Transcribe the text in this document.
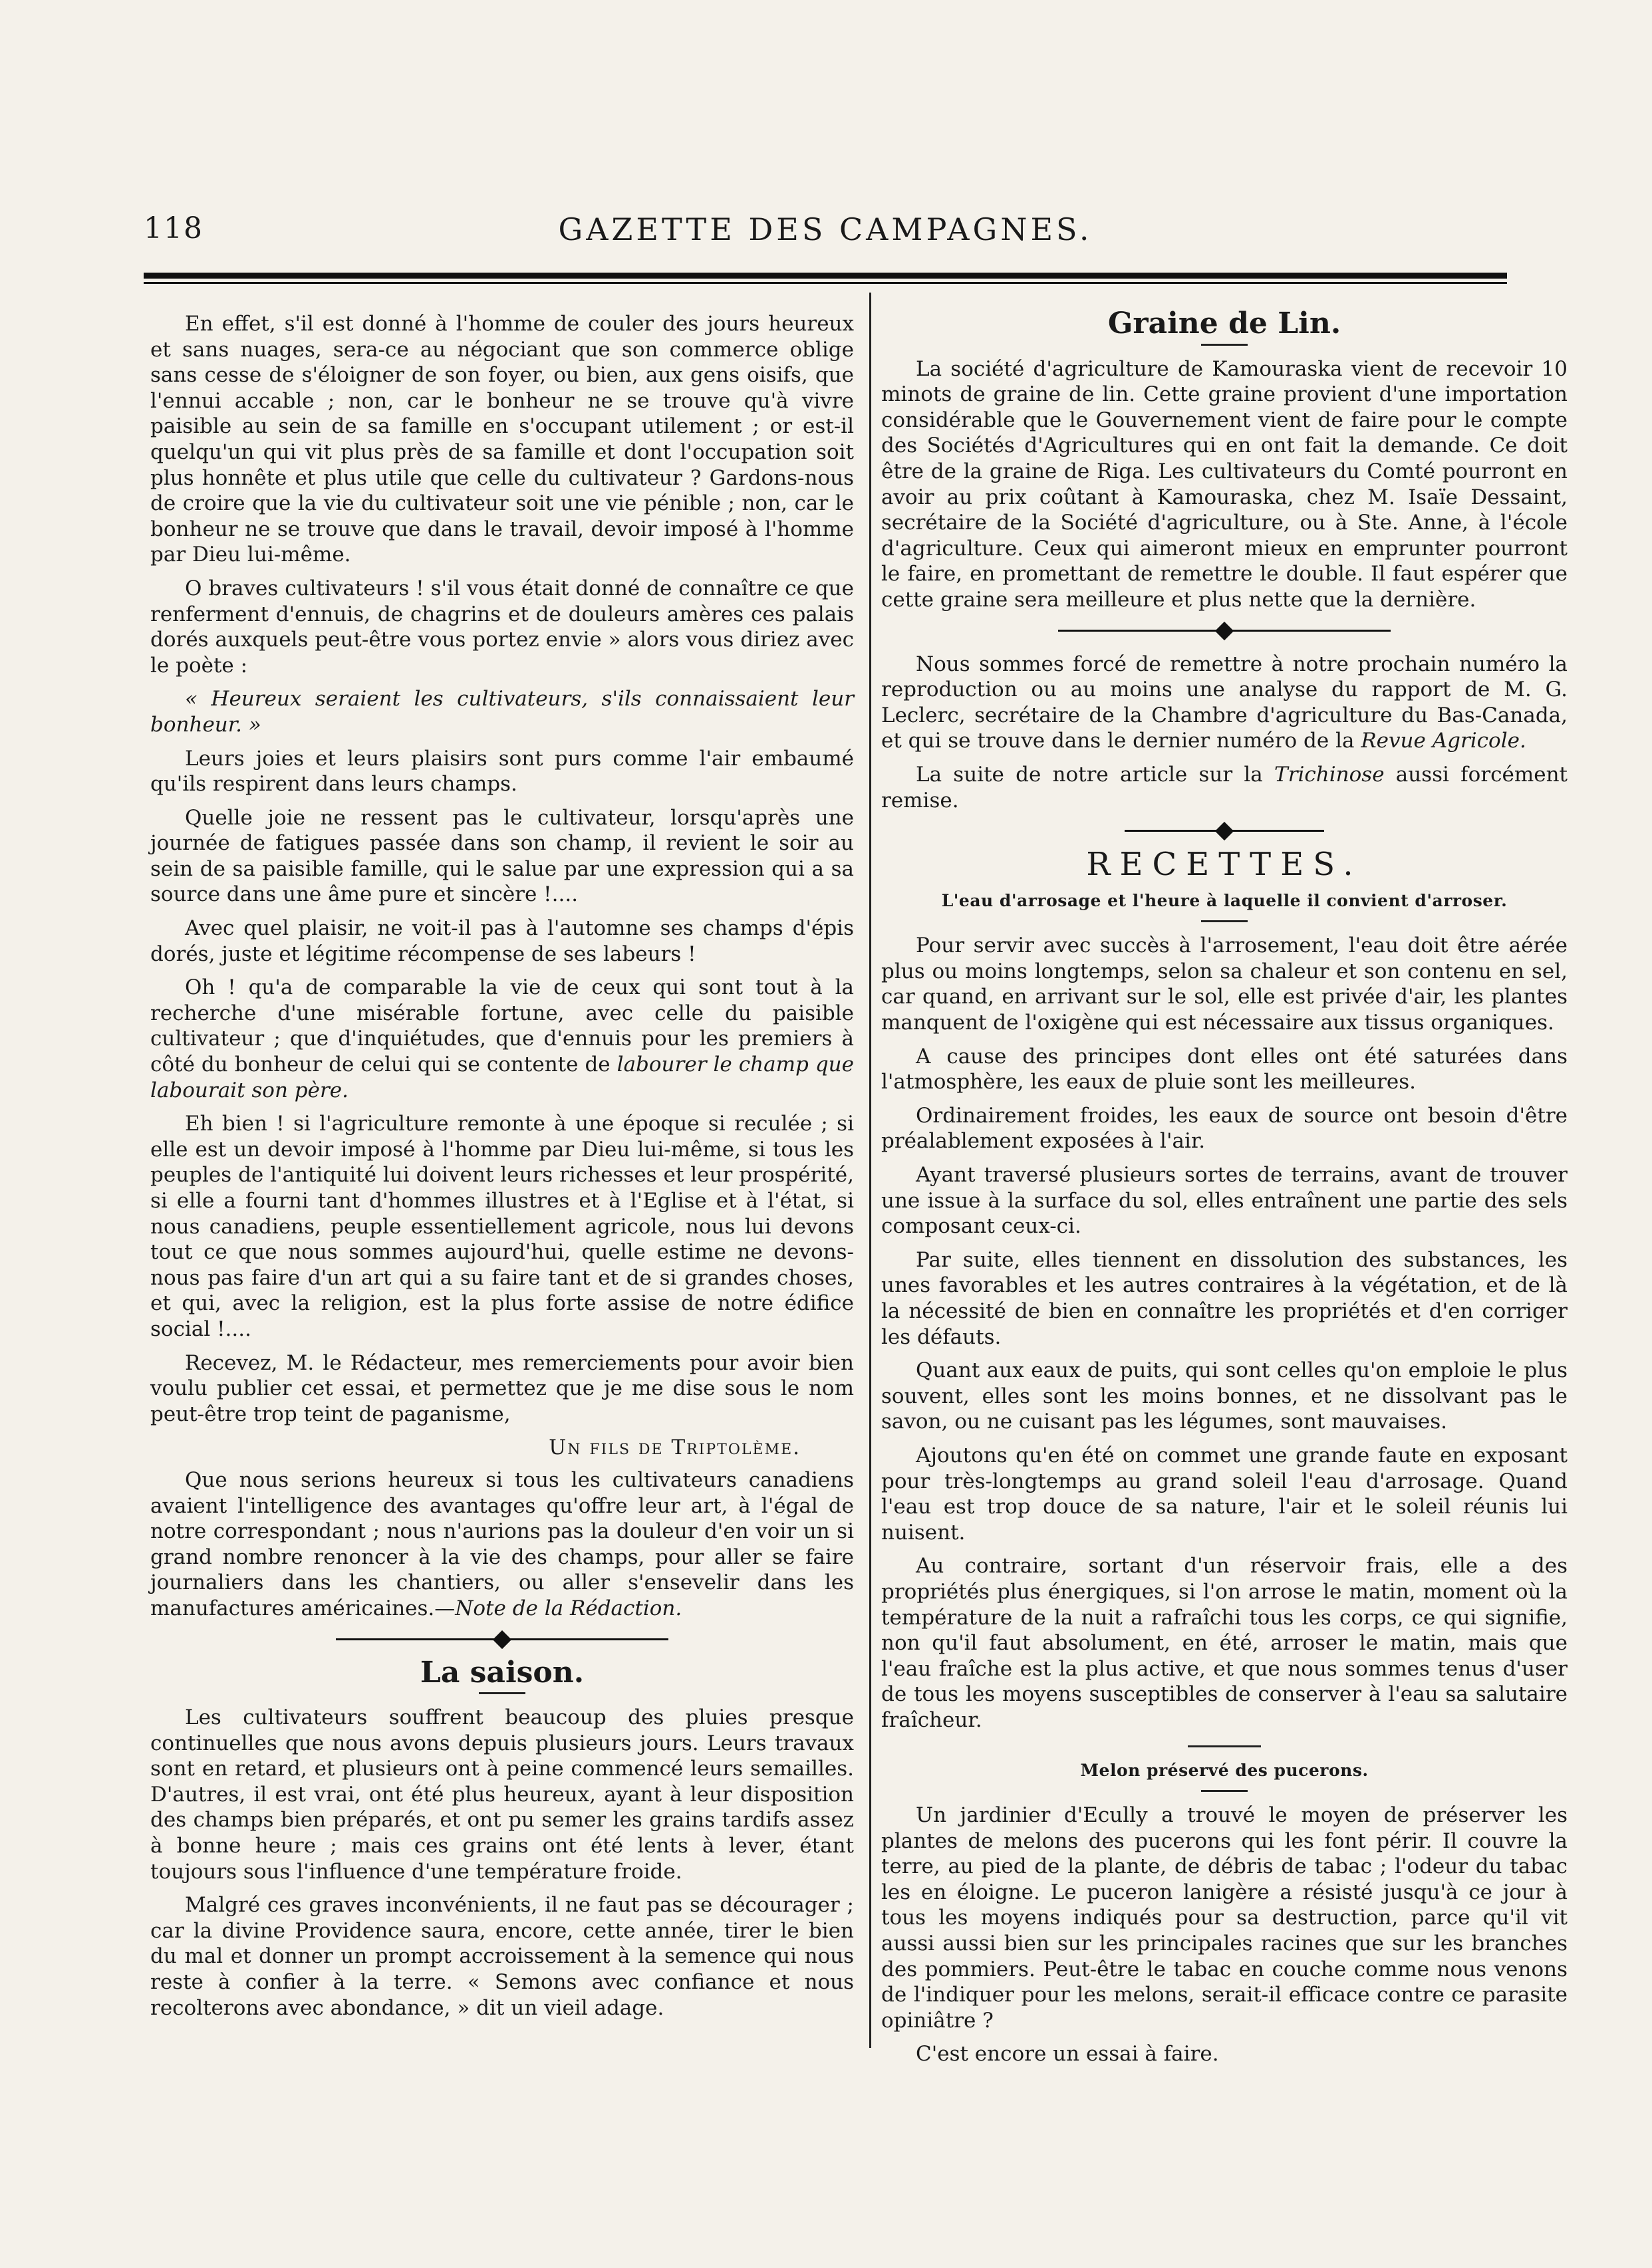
118	GAZETTE DES CAMPAGNES.

En effet, s'il est donné à l'homme de couler des jours heureux et sans nuages, sera-ce au négociant que son commerce oblige sans cesse de s'éloigner de son foyer, ou bien, aux gens oisifs, que l'ennui accable ; non, car le bonheur ne se trouve qu'à vivre paisible au sein de sa famille en s'occupant utilement ; or est-il quelqu'un qui vit plus près de sa famille et dont l'occupation soit plus honnête et plus utile que celle du cultivateur ? Gardons-nous de croire que la vie du cultivateur soit une vie pénible ; non, car le bonheur ne se trouve que dans le travail, devoir imposé à l'homme par Dieu lui-même.

O braves cultivateurs ! s'il vous était donné de connaître ce que renferment d'ennuis, de chagrins et de douleurs amères ces palais dorés auxquels peut-être vous portez envie » alors vous diriez avec le poète :

« Heureux seraient les cultivateurs, s'ils connaissaient leur bonheur. »

Leurs joies et leurs plaisirs sont purs comme l'air embaumé qu'ils respirent dans leurs champs.

Quelle joie ne ressent pas le cultivateur, lorsqu'après une journée de fatigues passée dans son champ, il revient le soir au sein de sa paisible famille, qui le salue par une expression qui a sa source dans une âme pure et sincère !....

Avec quel plaisir, ne voit-il pas à l'automne ses champs d'épis dorés, juste et légitime récompense de ses labeurs !

Oh ! qu'a de comparable la vie de ceux qui sont tout à la recherche d'une misérable fortune, avec celle du paisible cultivateur ; que d'inquiétudes, que d'ennuis pour les premiers à côté du bonheur de celui qui se contente de labourer le champ que labourait son père.

Eh bien ! si l'agriculture remonte à une époque si reculée ; si elle est un devoir imposé à l'homme par Dieu lui-même, si tous les peuples de l'antiquité lui doivent leurs richesses et leur prospérité, si elle a fourni tant d'hommes illustres et à l'Eglise et à l'état, si nous canadiens, peuple essentiellement agricole, nous lui devons tout ce que nous sommes aujourd'hui, quelle estime ne devons-nous pas faire d'un art qui a su faire tant et de si grandes choses, et qui, avec la religion, est la plus forte assise de notre édifice social !....

Recevez, M. le Rédacteur, mes remerciements pour avoir bien voulu publier cet essai, et permettez que je me dise sous le nom peut-être trop teint de paganisme,

Un fils de Triptolème.

Que nous serions heureux si tous les cultivateurs canadiens avaient l'intelligence des avantages qu'offre leur art, à l'égal de notre correspondant ; nous n'aurions pas la douleur d'en voir un si grand nombre renoncer à la vie des champs, pour aller se faire journaliers dans les chantiers, ou aller s'ensevelir dans les manufactures américaines.—Note de la Rédaction.

La saison.

Les cultivateurs souffrent beaucoup des pluies presque continuelles que nous avons depuis plusieurs jours. Leurs travaux sont en retard, et plusieurs ont à peine commencé leurs semailles. D'autres, il est vrai, ont été plus heureux, ayant à leur disposition des champs bien préparés, et ont pu semer les grains tardifs assez à bonne heure ; mais ces grains ont été lents à lever, étant toujours sous l'influence d'une température froide.

Malgré ces graves inconvénients, il ne faut pas se décourager ; car la divine Providence saura, encore, cette année, tirer le bien du mal et donner un prompt accroissement à la semence qui nous reste à confier à la terre. « Semons avec confiance et nous recolterons avec abondance, » dit un vieil adage.

Graine de Lin.

La société d'agriculture de Kamouraska vient de recevoir 10 minots de graine de lin. Cette graine provient d'une importation considérable que le Gouvernement vient de faire pour le compte des Sociétés d'Agricultures qui en ont fait la demande. Ce doit être de la graine de Riga. Les cultivateurs du Comté pourront en avoir au prix coûtant à Kamouraska, chez M. Isaïe Dessaint, secrétaire de la Société d'agriculture, ou à Ste. Anne, à l'école d'agriculture. Ceux qui aimeront mieux en emprunter pourront le faire, en promettant de remettre le double. Il faut espérer que cette graine sera meilleure et plus nette que la dernière.

Nous sommes forcé de remettre à notre prochain numéro la reproduction ou au moins une analyse du rapport de M. G. Leclerc, secrétaire de la Chambre d'agriculture du Bas-Canada, et qui se trouve dans le dernier numéro de la Revue Agricole.

La suite de notre article sur la Trichinose aussi forcément remise.

RECETTES.
L'eau d'arrosage et l'heure à laquelle il convient d'arroser.

Pour servir avec succès à l'arrosement, l'eau doit être aérée plus ou moins longtemps, selon sa chaleur et son contenu en sel, car quand, en arrivant sur le sol, elle est privée d'air, les plantes manquent de l'oxigène qui est nécessaire aux tissus organiques.

A cause des principes dont elles ont été saturées dans l'atmosphère, les eaux de pluie sont les meilleures.

Ordinairement froides, les eaux de source ont besoin d'être préalablement exposées à l'air.

Ayant traversé plusieurs sortes de terrains, avant de trouver une issue à la surface du sol, elles entraînent une partie des sels composant ceux-ci.

Par suite, elles tiennent en dissolution des substances, les unes favorables et les autres contraires à la végétation, et de là la nécessité de bien en connaître les propriétés et d'en corriger les défauts.

Quant aux eaux de puits, qui sont celles qu'on emploie le plus souvent, elles sont les moins bonnes, et ne dissolvant pas le savon, ou ne cuisant pas les légumes, sont mauvaises.

Ajoutons qu'en été on commet une grande faute en exposant pour très-longtemps au grand soleil l'eau d'arrosage. Quand l'eau est trop douce de sa nature, l'air et le soleil réunis lui nuisent.

Au contraire, sortant d'un réservoir frais, elle a des propriétés plus énergiques, si l'on arrose le matin, moment où la température de la nuit a rafraîchi tous les corps, ce qui signifie, non qu'il faut absolument, en été, arroser le matin, mais que l'eau fraîche est la plus active, et que nous sommes tenus d'user de tous les moyens susceptibles de conserver à l'eau sa salutaire fraîcheur.

Melon préservé des pucerons.

Un jardinier d'Ecully a trouvé le moyen de préserver les plantes de melons des pucerons qui les font périr. Il couvre la terre, au pied de la plante, de débris de tabac ; l'odeur du tabac les en éloigne. Le puceron lanigère a résisté jusqu'à ce jour à tous les moyens indiqués pour sa destruction, parce qu'il vit aussi aussi bien sur les principales racines que sur les branches des pommiers. Peut-être le tabac en couche comme nous venons de l'indiquer pour les melons, serait-il efficace contre ce parasite opiniâtre ?

C'est encore un essai à faire.
